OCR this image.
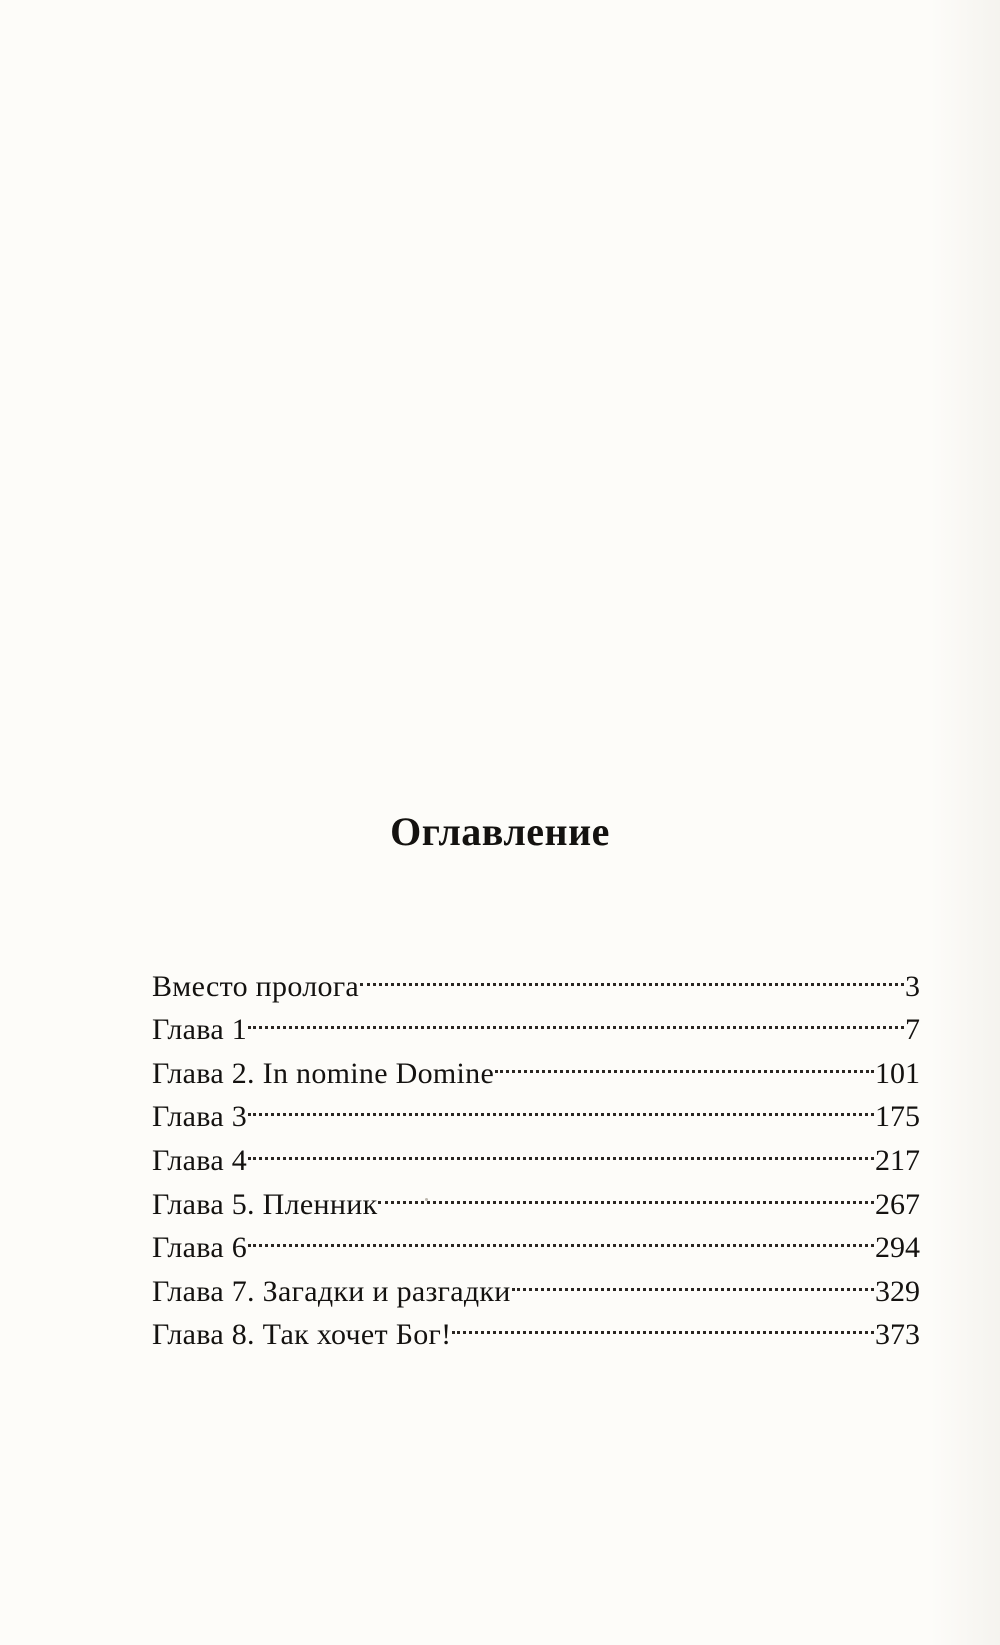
Оглавление
Вместо пролога	3
Глава 1	7
Глава 2. In nomine Domine	101
Глава 3	175
Глава 4	217
Глава 5. Пленник	267
Глава 6	294
Глава 7. Загадки и разгадки	329
Глава 8. Так хочет Бог!	373
